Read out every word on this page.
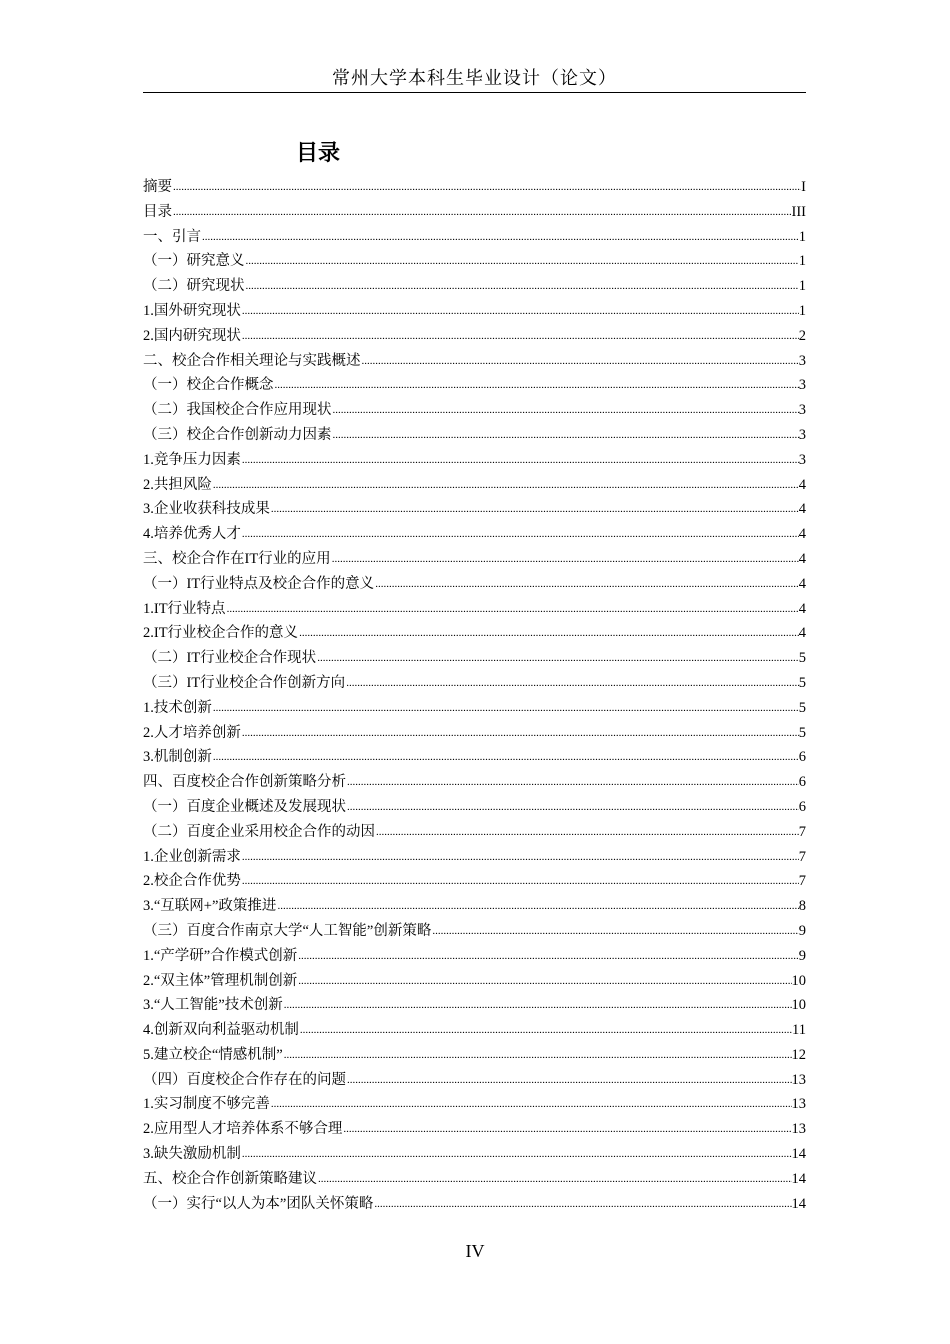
常州大学本科生毕业设计（论文）
目录
摘要 .....	I
目录 .....	III
一、引言 .....	1
（一）研究意义 .....	1
（二）研究现状 .....	1
1.国外研究现状 .....	1
2.国内研究现状 .....	2
二、校企合作相关理论与实践概述 .....	3
（一）校企合作概念 .....	3
（二）我国校企合作应用现状 .....	3
（三）校企合作创新动力因素 .....	3
1.竞争压力因素 .....	3
2.共担风险 .....	4
3.企业收获科技成果 .....	4
4.培养优秀人才 .....	4
三、校企合作在IT行业的应用 .....	4
（一）IT行业特点及校企合作的意义 .....	4
1.IT行业特点 .....	4
2.IT行业校企合作的意义 .....	4
（二）IT行业校企合作现状 .....	5
（三）IT行业校企合作创新方向 .....	5
1.技术创新 .....	5
2.人才培养创新 .....	5
3.机制创新 .....	6
四、百度校企合作创新策略分析 .....	6
（一）百度企业概述及发展现状 .....	6
（二）百度企业采用校企合作的动因 .....	7
1.企业创新需求 .....	7
2.校企合作优势 .....	7
3.“互联网+”政策推进 .....	8
（三）百度合作南京大学“人工智能”创新策略 .....	9
1.“产学研”合作模式创新 .....	9
2.“双主体”管理机制创新 .....	10
3.“人工智能”技术创新 .....	10
4.创新双向利益驱动机制 .....	11
5.建立校企“情感机制” .....	12
（四）百度校企合作存在的问题 .....	13
1.实习制度不够完善 .....	13
2.应用型人才培养体系不够合理 .....	13
3.缺失激励机制 .....	14
五、校企合作创新策略建议 .....	14
（一）实行“以人为本”团队关怀策略 .....	14
IV
